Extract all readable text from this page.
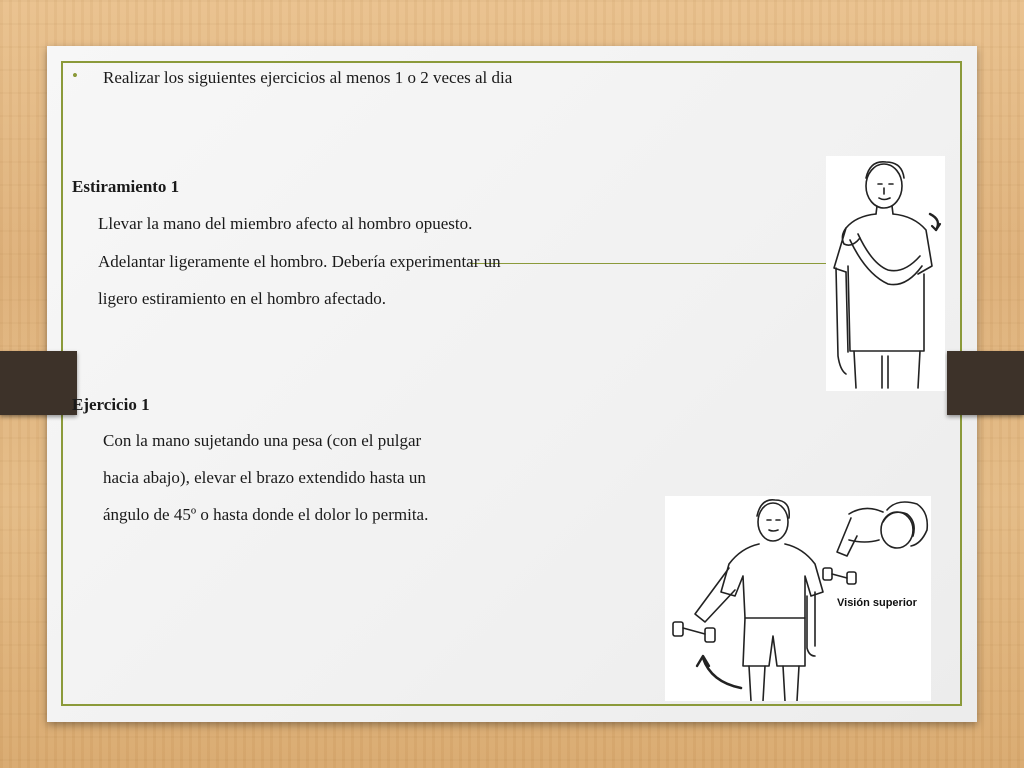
• Realizar los siguientes ejercicios al menos 1 o 2 veces al dia
Estiramiento 1
Llevar la mano del miembro afecto al hombro opuesto.
Adelantar ligeramente el hombro. Debería experimentar un
ligero estiramiento en el hombro afectado.
Ejercicio 1
Con la mano sujetando una pesa (con el pulgar
hacia abajo), elevar el brazo extendido hasta un
ángulo de 45º o hasta donde el dolor lo permita.
Visión superior
